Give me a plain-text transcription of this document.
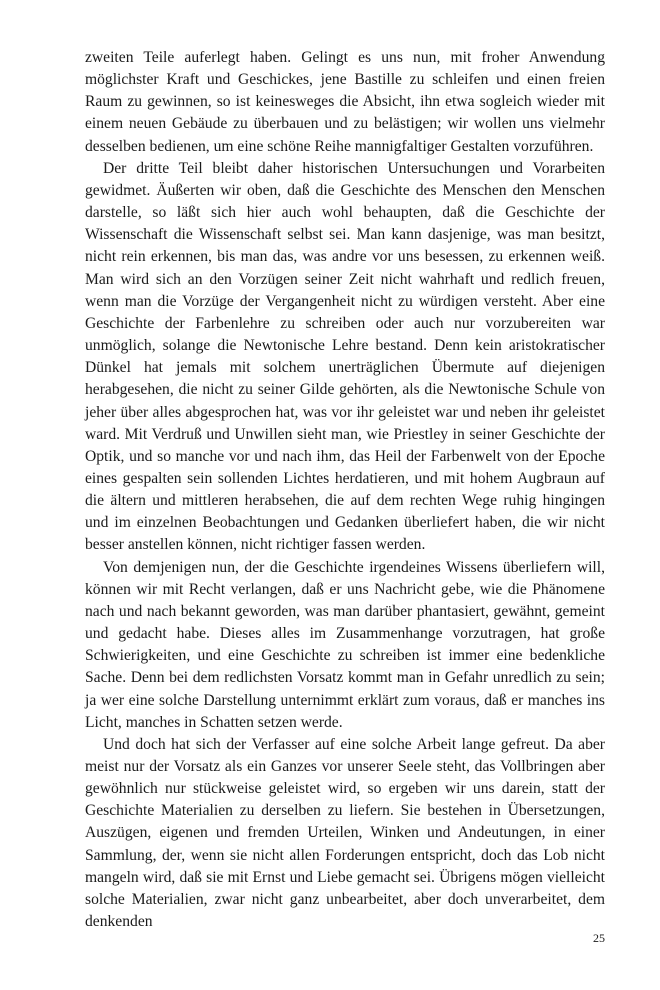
zweiten Teile auferlegt haben. Gelingt es uns nun, mit froher Anwendung möglichster Kraft und Geschickes, jene Bastille zu schleifen und einen freien Raum zu gewinnen, so ist keinesweges die Absicht, ihn etwa sogleich wieder mit einem neuen Gebäude zu überbauen und zu belästigen; wir wollen uns vielmehr desselben bedienen, um eine schöne Reihe mannigfaltiger Gestalten vorzuführen.

Der dritte Teil bleibt daher historischen Untersuchungen und Vorarbeiten gewidmet. Äußerten wir oben, daß die Geschichte des Menschen den Menschen darstelle, so läßt sich hier auch wohl behaupten, daß die Geschichte der Wissenschaft die Wissenschaft selbst sei. Man kann dasjenige, was man besitzt, nicht rein erkennen, bis man das, was andre vor uns besessen, zu erkennen weiß. Man wird sich an den Vorzügen seiner Zeit nicht wahrhaft und redlich freuen, wenn man die Vorzüge der Vergangenheit nicht zu würdigen versteht. Aber eine Geschichte der Farbenlehre zu schreiben oder auch nur vorzubereiten war unmöglich, solange die Newtonische Lehre bestand. Denn kein aristokratischer Dünkel hat jemals mit solchem unerträglichen Übermute auf diejenigen herabgesehen, die nicht zu seiner Gilde gehörten, als die Newtonische Schule von jeher über alles abgesprochen hat, was vor ihr geleistet war und neben ihr geleistet ward. Mit Verdruß und Unwillen sieht man, wie Priestley in seiner Geschichte der Optik, und so manche vor und nach ihm, das Heil der Farbenwelt von der Epoche eines gespalten sein sollenden Lichtes herdatieren, und mit hohem Augbraun auf die ältern und mittleren herabsehen, die auf dem rechten Wege ruhig hingingen und im einzelnen Beobachtungen und Gedanken überliefert haben, die wir nicht besser anstellen können, nicht richtiger fassen werden.

Von demjenigen nun, der die Geschichte irgendeines Wissens überliefern will, können wir mit Recht verlangen, daß er uns Nachricht gebe, wie die Phänomene nach und nach bekannt geworden, was man darüber phantasiert, gewähnt, gemeint und gedacht habe. Dieses alles im Zusammenhange vorzutragen, hat große Schwierigkeiten, und eine Geschichte zu schreiben ist immer eine bedenkliche Sache. Denn bei dem redlichsten Vorsatz kommt man in Gefahr unredlich zu sein; ja wer eine solche Darstellung unternimmt erklärt zum voraus, daß er manches ins Licht, manches in Schatten setzen werde.

Und doch hat sich der Verfasser auf eine solche Arbeit lange gefreut. Da aber meist nur der Vorsatz als ein Ganzes vor unserer Seele steht, das Vollbringen aber gewöhnlich nur stückweise geleistet wird, so ergeben wir uns darein, statt der Geschichte Materialien zu derselben zu liefern. Sie bestehen in Übersetzungen, Auszügen, eigenen und fremden Urteilen, Winken und Andeutungen, in einer Sammlung, der, wenn sie nicht allen Forderungen entspricht, doch das Lob nicht mangeln wird, daß sie mit Ernst und Liebe gemacht sei. Übrigens mögen vielleicht solche Materialien, zwar nicht ganz unbearbeitet, aber doch unverarbeitet, dem denkenden

25
